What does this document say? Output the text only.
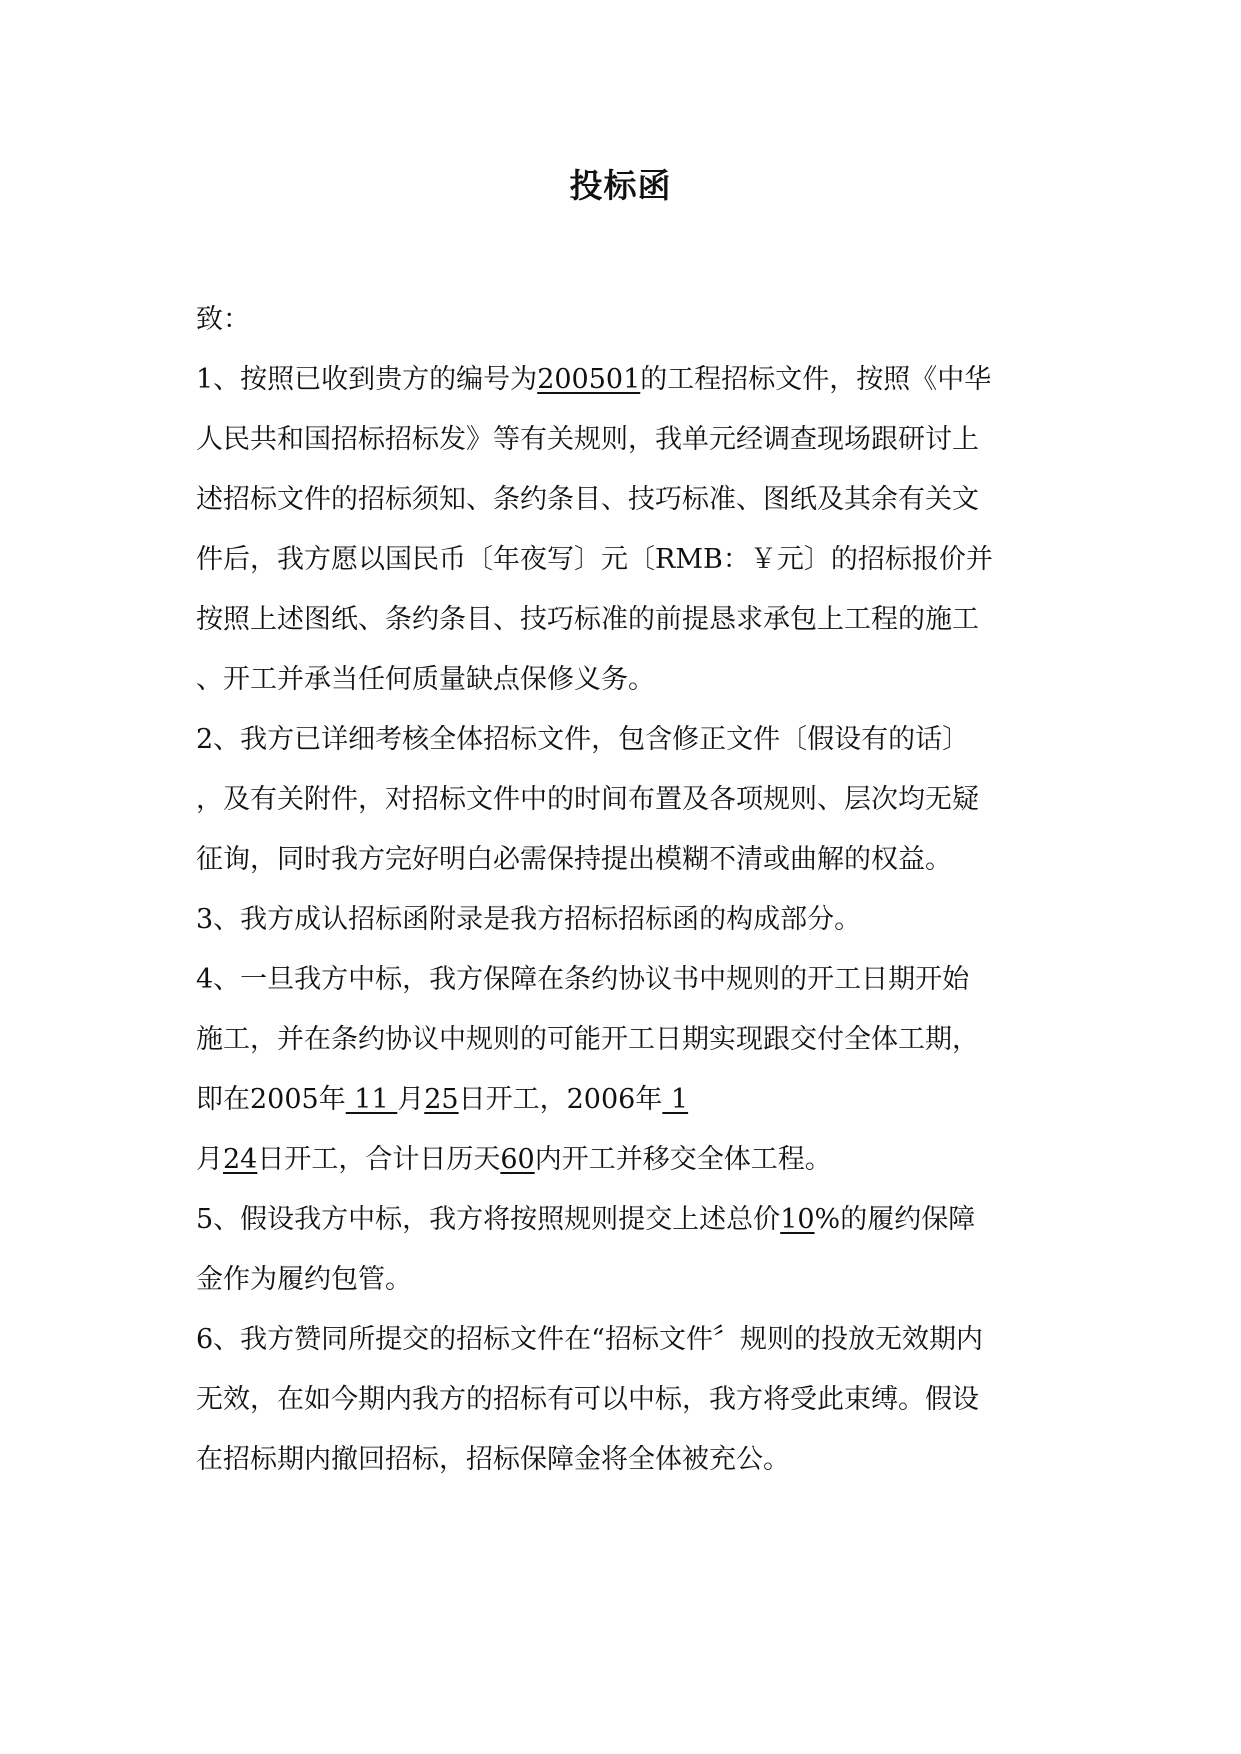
投标函
致：
1、按照已收到贵方的编号为200501的工程招标文件，按照《中华
人民共和国招标招标发》等有关规则，我单元经调查现场跟研讨上
述招标文件的招标须知、条约条目、技巧标准、图纸及其余有关文
件后，我方愿以国民币〔年夜写〕元〔RMB：￥元〕的招标报价并
按照上述图纸、条约条目、技巧标准的前提恳求承包上工程的施工
、开工并承当任何质量缺点保修义务。
2、我方已详细考核全体招标文件，包含修正文件〔假设有的话〕
，及有关附件，对招标文件中的时间布置及各项规则、层次均无疑
征询，同时我方完好明白必需保持提出模糊不清或曲解的权益。
3、我方成认招标函附录是我方招标招标函的构成部分。
4、一旦我方中标，我方保障在条约协议书中规则的开工日期开始
施工，并在条约协议中规则的可能开工日期实现跟交付全体工期，
即在2005年 11 月25日开工，2006年 1
月24日开工，合计日历天60内开工并移交全体工程。
5、假设我方中标，我方将按照规则提交上述总价10%的履约保障
金作为履约包管。
6、我方赞同所提交的招标文件在“招标文件〞规则的投放无效期内
无效，在如今期内我方的招标有可以中标，我方将受此束缚。假设
在招标期内撤回招标，招标保障金将全体被充公。
